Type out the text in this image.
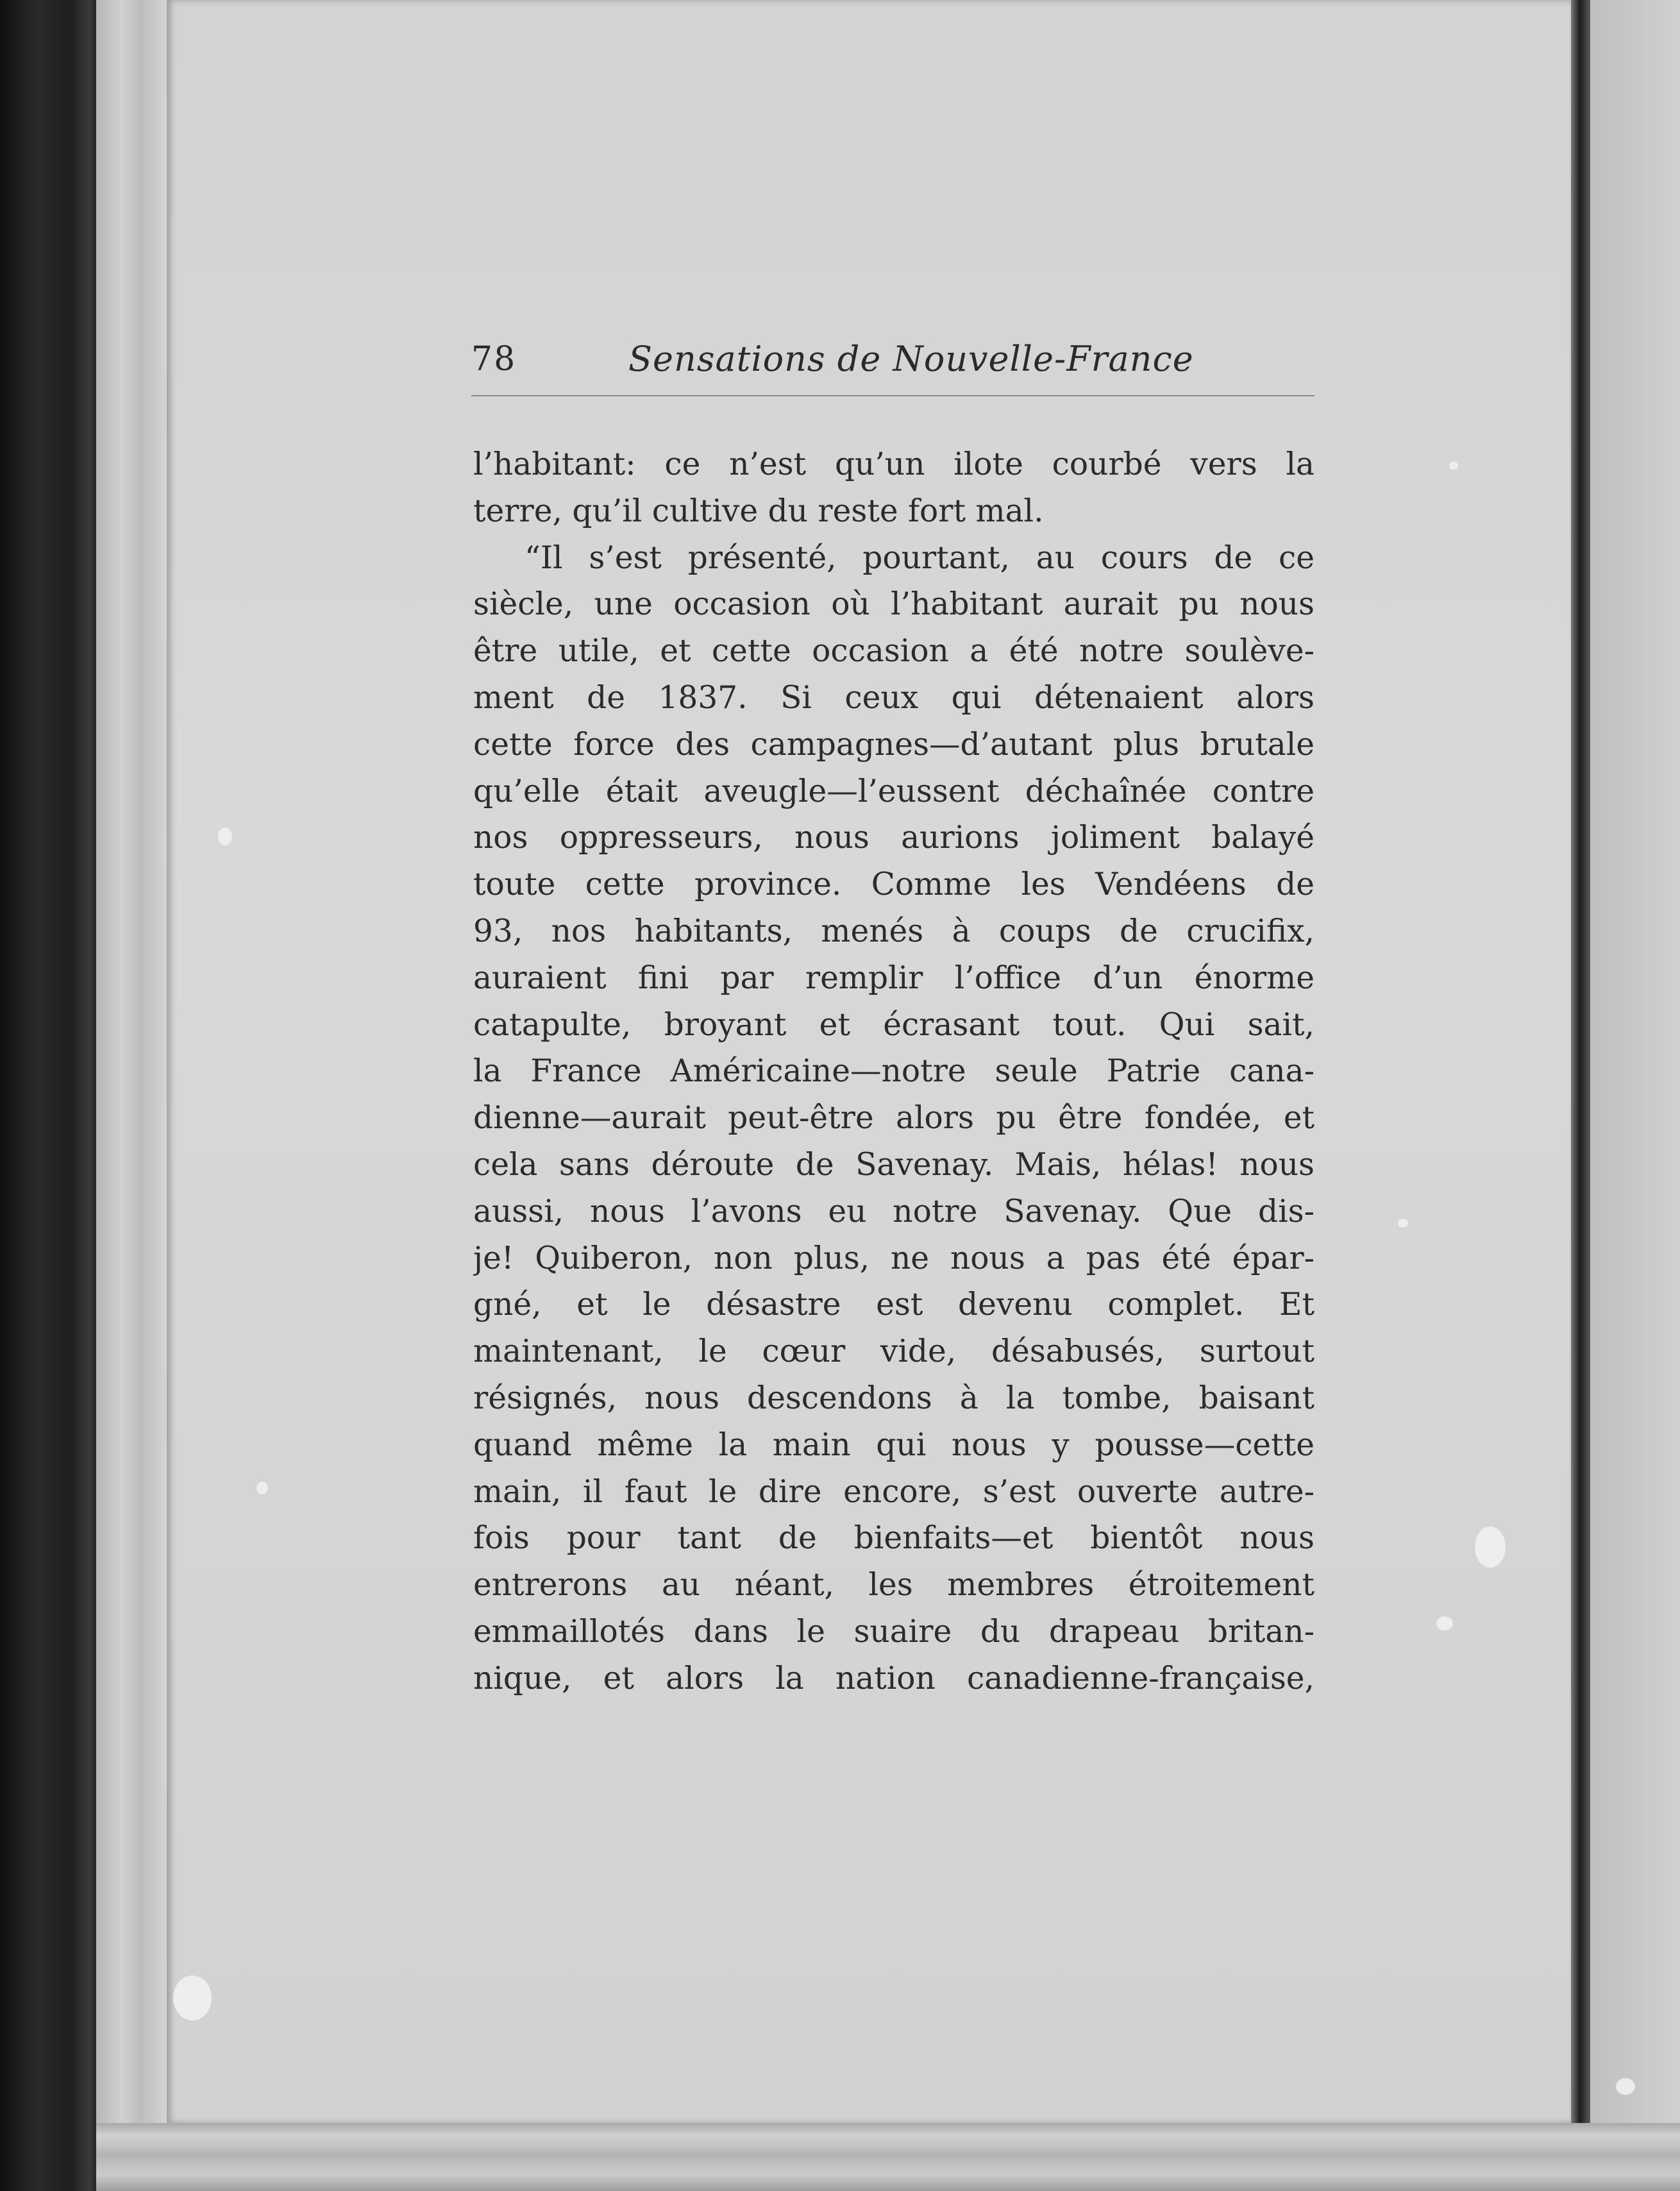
78	Sensations de Nouvelle-France
l’habitant: ce n’est qu’un ilote courbé vers la
terre, qu’il cultive du reste fort mal.
“Il s’est présenté, pourtant, au cours de ce
siècle, une occasion où l’habitant aurait pu nous
être utile, et cette occasion a été notre soulève-
ment de 1837. Si ceux qui détenaient alors
cette force des campagnes—d’autant plus brutale
qu’elle était aveugle—l’eussent déchaînée contre
nos oppresseurs, nous aurions joliment balayé
toute cette province. Comme les Vendéens de
93, nos habitants, menés à coups de crucifix,
auraient fini par remplir l’office d’un énorme
catapulte, broyant et écrasant tout. Qui sait,
la France Américaine—notre seule Patrie cana-
dienne—aurait peut-être alors pu être fondée, et
cela sans déroute de Savenay. Mais, hélas! nous
aussi, nous l’avons eu notre Savenay. Que dis-
je! Quiberon, non plus, ne nous a pas été épar-
gné, et le désastre est devenu complet. Et
maintenant, le cœur vide, désabusés, surtout
résignés, nous descendons à la tombe, baisant
quand même la main qui nous y pousse—cette
main, il faut le dire encore, s’est ouverte autre-
fois pour tant de bienfaits—et bientôt nous
entrerons au néant, les membres étroitement
emmaillotés dans le suaire du drapeau britan-
nique, et alors la nation canadienne-française,
